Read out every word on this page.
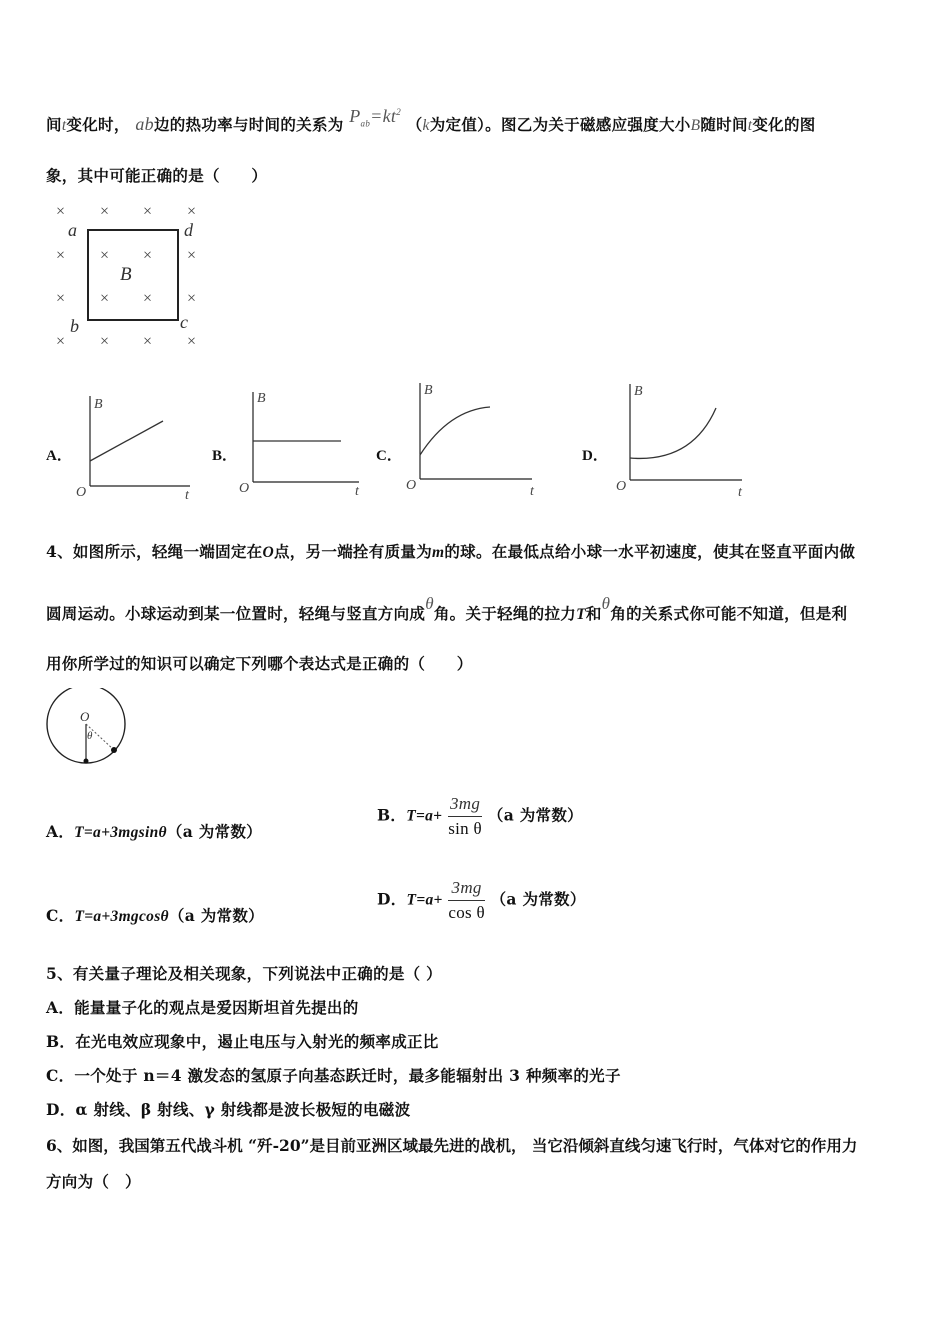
间t变化时， ab边的热功率与时间的关系为 $P_{ab}=kt^2$ （k为定值）。图乙为关于磁感应强度大小B随时间t变化的图
象，其中可能正确的是（　　）
× × × ×
× × × ×
× × × ×
× × × ×
a	d
b	c
B
A．
B
t
O
B．
B
t
O
C．
B
t
O
D．
B
t
O
4、如图所示，轻绳一端固定在O点，另一端拴有质量为m的球。在最低点给小球一水平初速度，使其在竖直平面内做
圆周运动。小球运动到某一位置时，轻绳与竖直方向成θ角。关于轻绳的拉力T和θ角的关系式你可能不知道，但是利
用你所学过的知识可以确定下列哪个表达式是正确的（　　）
O
θ
A．T=a+3mgsinθ（a 为常数）
B．$T=a+ \frac{3mg}{\text{sin θ}} (a$ 为常数）
C．T=a+3mgcosθ（a 为常数）
D．$T=a+ \frac{3mg}{\text{cos θ}} (a$ 为常数）
5、有关量子理论及相关现象，下列说法中正确的是（ ）
A．能量量子化的观点是爱因斯坦首先提出的
B．在光电效应现象中，遏止电压与入射光的频率成正比
C．一个处于 n＝4 激发态的氢原子向基态跃迁时，最多能辐射出 3 种频率的光子
D．α 射线、β 射线、γ 射线都是波长极短的电磁波
6、如图，我国第五代战斗机 “歼-20”是目前亚洲区域最先进的战机， 当它沿倾斜直线匀速飞行时，气体对它的作用力
方向为（　）
